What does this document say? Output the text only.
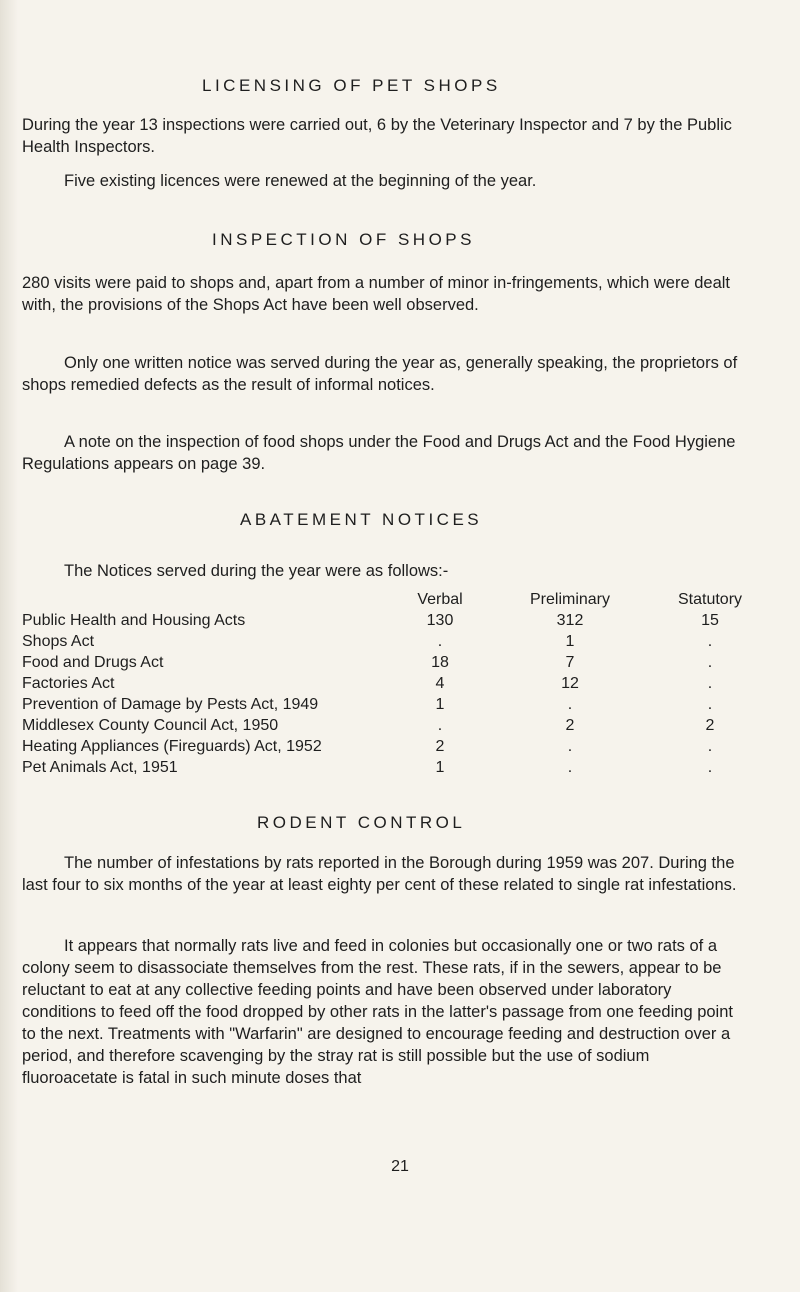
LICENSING OF PET SHOPS

During the year 13 inspections were carried out, 6 by the Veterinary Inspector and 7 by the Public Health Inspectors.

Five existing licences were renewed at the beginning of the year.

INSPECTION OF SHOPS

280 visits were paid to shops and, apart from a number of minor in-fringements, which were dealt with, the provisions of the Shops Act have been well observed.

Only one written notice was served during the year as, generally speaking, the proprietors of shops remedied defects as the result of informal notices.

A note on the inspection of food shops under the Food and Drugs Act and the Food Hygiene Regulations appears on page 39.

ABATEMENT NOTICES

The Notices served during the year were as follows:-

Verbal	Preliminary	Statutory
Public Health and Housing Acts	130	312	15
Shops Act	.	1	.
Food and Drugs Act	18	7	.
Factories Act	4	12	.
Prevention of Damage by Pests Act, 1949	1	.	.
Middlesex County Council Act, 1950	.	2	2
Heating Appliances (Fireguards) Act, 1952	2	.	.
Pet Animals Act, 1951	1	.	.
RODENT CONTROL

The number of infestations by rats reported in the Borough during 1959 was 207. During the last four to six months of the year at least eighty per cent of these related to single rat infestations.

It appears that normally rats live and feed in colonies but occasionally one or two rats of a colony seem to disassociate themselves from the rest. These rats, if in the sewers, appear to be reluctant to eat at any collective feeding points and have been observed under laboratory conditions to feed off the food dropped by other rats in the latter's passage from one feeding point to the next. Treatments with "Warfarin" are designed to encourage feeding and destruction over a period, and therefore scavenging by the stray rat is still possible but the use of sodium fluoroacetate is fatal in such minute doses that

21
